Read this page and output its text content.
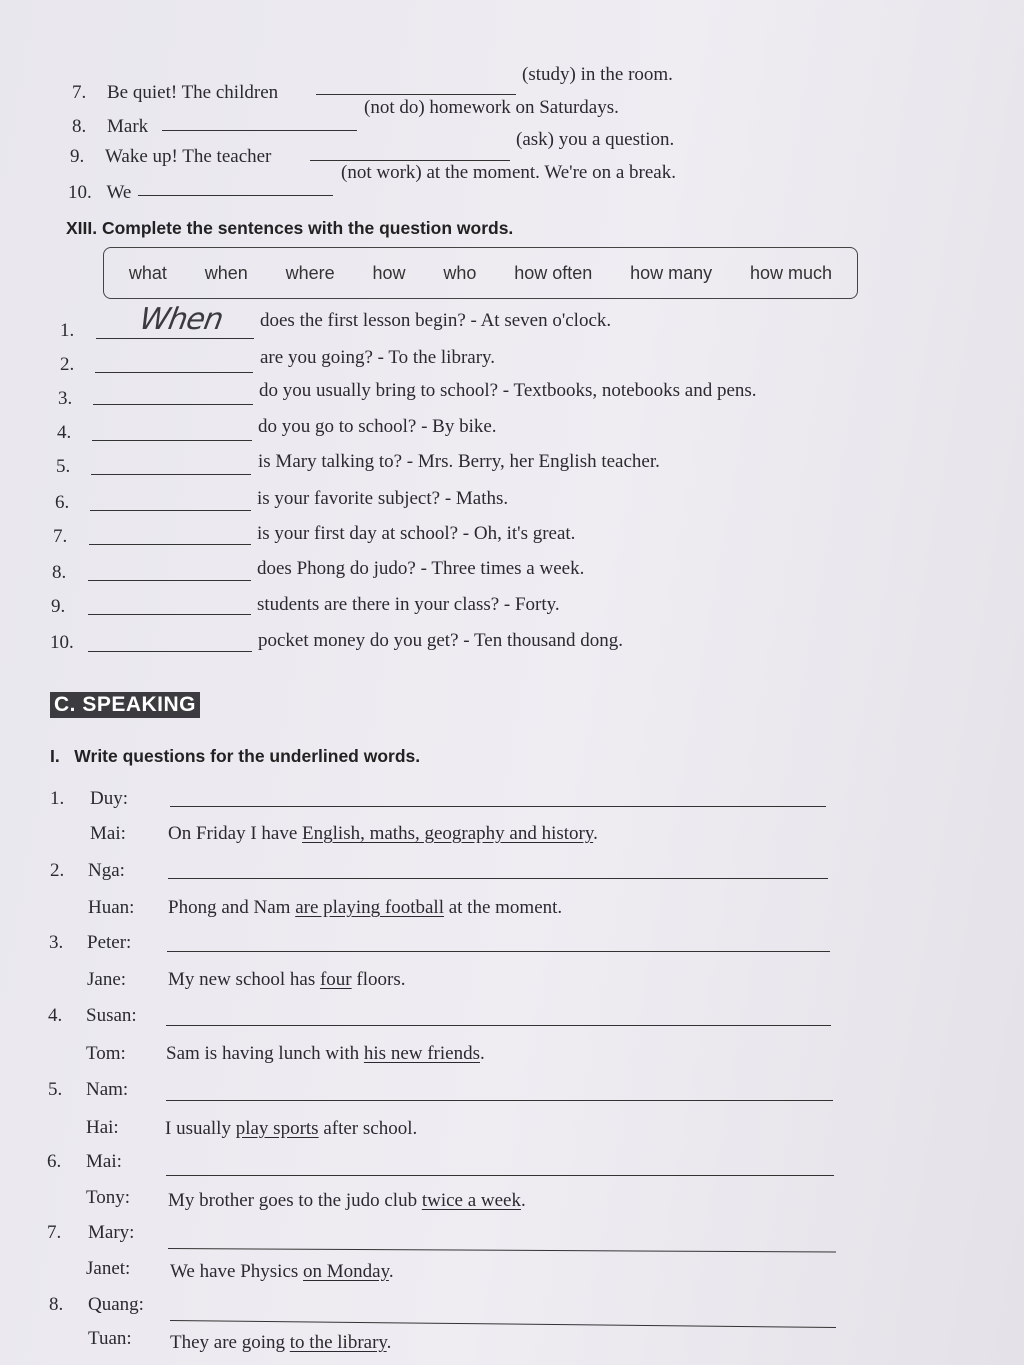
7. Be quiet! The children
(study) in the room.
8. Mark
(not do) homework on Saturdays.
9. Wake up! The teacher
(ask) you a question.
10. We
(not work) at the moment. We're on a break.
XIII. Complete the sentences with the question words.
what when where how who how often how many how much
1. When does the first lesson begin? - At seven o'clock.
2.	are you going? - To the library.
3.	do you usually bring to school? - Textbooks, notebooks and pens.
4.	do you go to school? - By bike.
5.	is Mary talking to? - Mrs. Berry, her English teacher.
6.	is your favorite subject? - Maths.
7.	is your first day at school? - Oh, it's great.
8.	does Phong do judo? - Three times a week.
9.	students are there in your class? - Forty.
10.	pocket money do you get? - Ten thousand dong.
C. SPEAKING
I.   Write questions for the underlined words.
1. Duy:
Mai: On Friday I have English, maths, geography and history.
2. Nga:
Huan: Phong and Nam are playing football at the moment.
3. Peter:
Jane: My new school has four floors.
4. Susan:
Tom: Sam is having lunch with his new friends.
5. Nam:
Hai: I usually play sports after school.
6. Mai:
Tony: My brother goes to the judo club twice a week.
7. Mary:
Janet: We have Physics on Monday.
8. Quang:
Tuan: They are going to the library.
